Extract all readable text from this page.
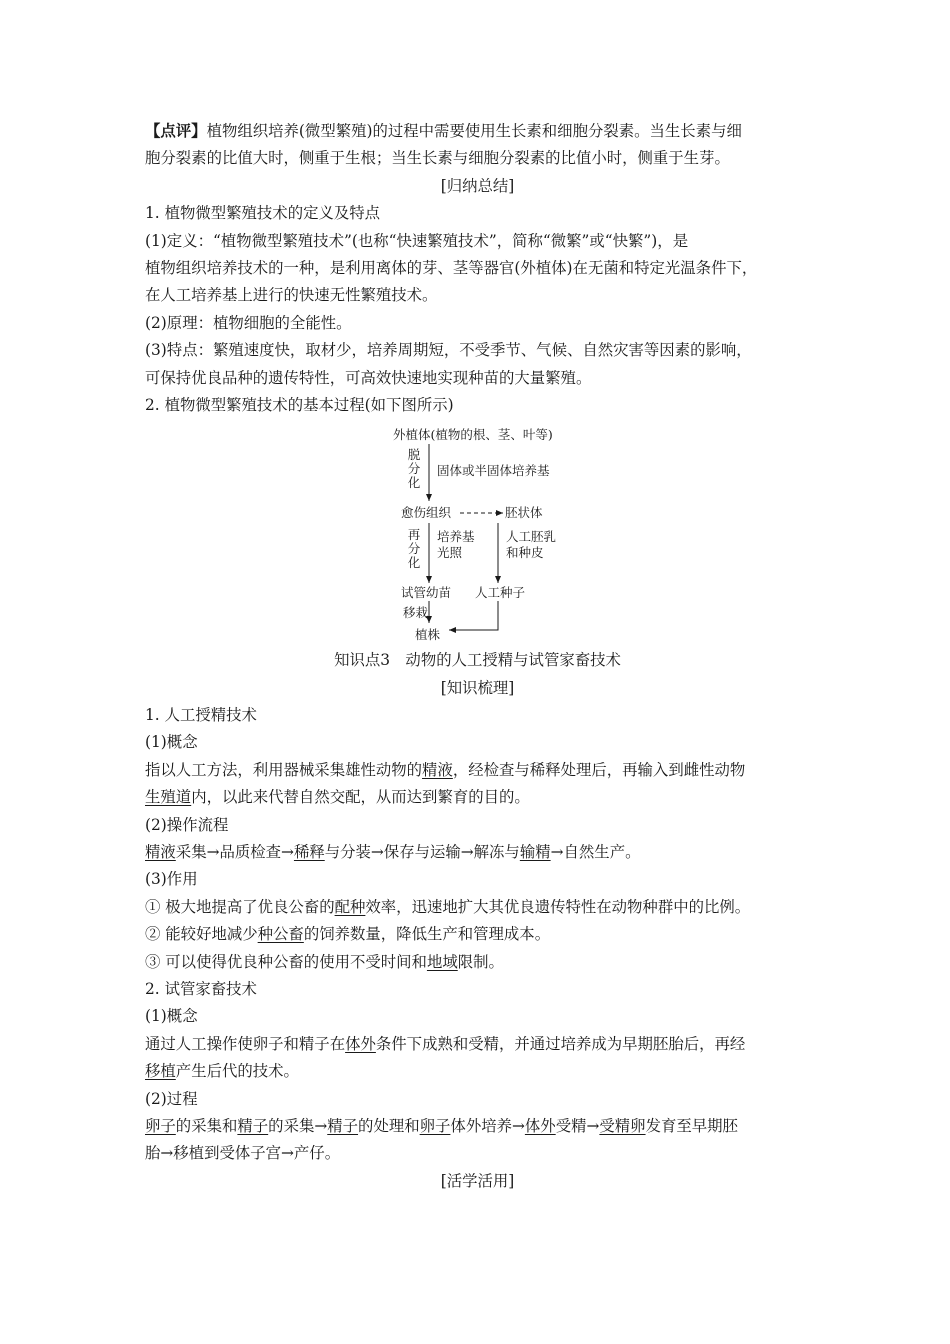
【点评】植物组织培养(微型繁殖)的过程中需要使用生长素和细胞分裂素。当生长素与细
胞分裂素的比值大时，侧重于生根；当生长素与细胞分裂素的比值小时，侧重于生芽。
[归纳总结]
1. 植物微型繁殖技术的定义及特点
(1)定义：“植物微型繁殖技术”(也称“快速繁殖技术”，简称“微繁”或“快繁”)，是
植物组织培养技术的一种，是利用离体的芽、茎等器官(外植体)在无菌和特定光温条件下，
在人工培养基上进行的快速无性繁殖技术。
(2)原理：植物细胞的全能性。
(3)特点：繁殖速度快，取材少，培养周期短，不受季节、气候、自然灾害等因素的影响，
可保持优良品种的遗传特性，可高效快速地实现种苗的大量繁殖。
2. 植物微型繁殖技术的基本过程(如下图所示)
外植体(植物的根、茎、叶等)
脱分化
固体或半固体培养基
愈伤组织	胚状体
再分化
培养基
光照
人工胚乳
和种皮
试管幼苗 人工种子
移栽
植株
知识点3　动物的人工授精与试管家畜技术
[知识梳理]
1. 人工授精技术
(1)概念
指以人工方法，利用器械采集雄性动物的精液，经检查与稀释处理后，再输入到雌性动物
生殖道内，以此来代替自然交配，从而达到繁育的目的。
(2)操作流程
精液采集→品质检查→稀释与分装→保存与运输→解冻与输精→自然生产。
(3)作用
① 极大地提高了优良公畜的配种效率，迅速地扩大其优良遗传特性在动物种群中的比例。
② 能较好地减少种公畜的饲养数量，降低生产和管理成本。
③ 可以使得优良种公畜的使用不受时间和地域限制。
2. 试管家畜技术
(1)概念
通过人工操作使卵子和精子在体外条件下成熟和受精，并通过培养成为早期胚胎后，再经
移植产生后代的技术。
(2)过程
卵子的采集和精子的采集→精子的处理和卵子体外培养→体外受精→受精卵发育至早期胚
胎→移植到受体子宫→产仔。
[活学活用]
